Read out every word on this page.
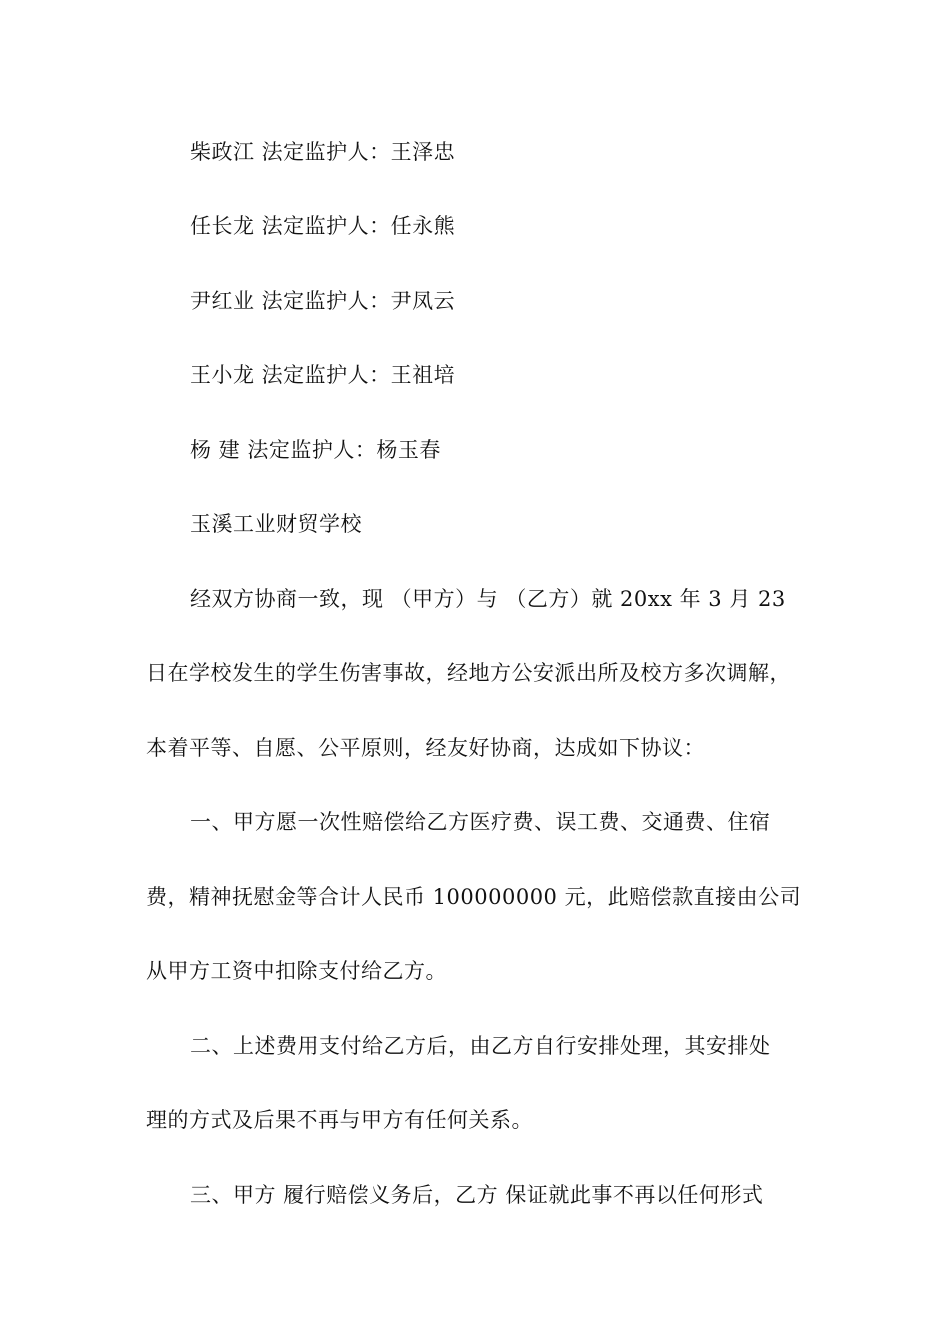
柴政江 法定监护人：王泽忠
任长龙 法定监护人：任永熊
尹红业 法定监护人：尹凤云
王小龙 法定监护人：王祖培
杨 建 法定监护人：杨玉春
玉溪工业财贸学校
经双方协商一致，现 （甲方）与 （乙方）就 20xx 年 3 月 23
日在学校发生的学生伤害事故，经地方公安派出所及校方多次调解，
本着平等、自愿、公平原则，经友好协商，达成如下协议：
一、甲方愿一次性赔偿给乙方医疗费、误工费、交通费、住宿
费，精神抚慰金等合计人民币 100000000 元，此赔偿款直接由公司
从甲方工资中扣除支付给乙方。
二、上述费用支付给乙方后，由乙方自行安排处理，其安排处
理的方式及后果不再与甲方有任何关系。
三、甲方 履行赔偿义务后，乙方 保证就此事不再以任何形式
